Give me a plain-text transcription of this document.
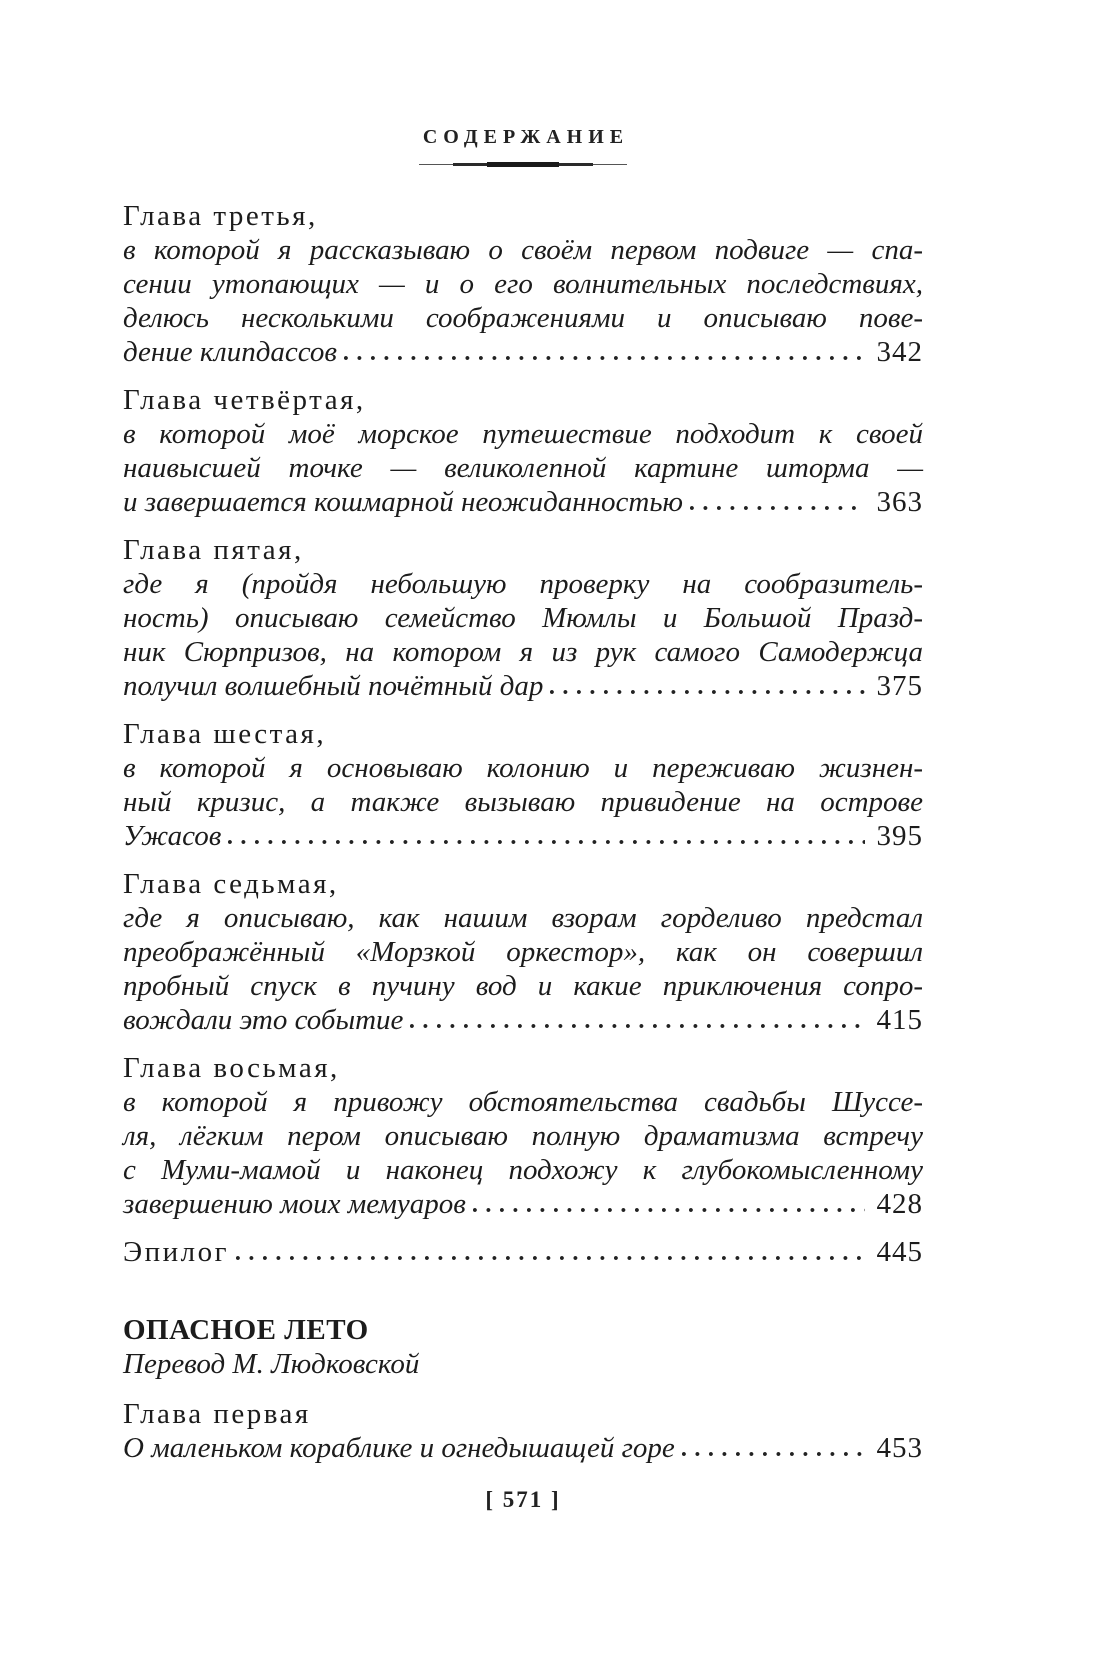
СОДЕРЖАНИЕ
Глава третья,
в которой я рассказываю о своём первом подвиге — спа-
сении утопающих — и о его волнительных последствиях,
делюсь несколькими соображениями и описываю пове-
дение клипдассов	342
Глава четвёртая,
в которой моё морское путешествие подходит к своей
наивысшей точке — великолепной картине шторма —
и завершается кошмарной неожиданностью	363
Глава пятая,
где я (пройдя небольшую проверку на сообразитель-
ность) описываю семейство Мюмлы и Большой Празд-
ник Сюрпризов, на котором я из рук самого Самодержца
получил волшебный почётный дар	375
Глава шестая,
в которой я основываю колонию и переживаю жизнен-
ный кризис, а также вызываю привидение на острове
Ужасов	395
Глава седьмая,
где я описываю, как нашим взорам горделиво предстал
преображённый «Морзкой оркестор», как он совершил
пробный спуск в пучину вод и какие приключения сопро-
вождали это событие	415
Глава восьмая,
в которой я привожу обстоятельства свадьбы Шуссе-
ля, лёгким пером описываю полную драматизма встречу
с Муми-мамой и наконец подхожу к глубокомысленному
завершению моих мемуаров	428
Эпилог	445
ОПАСНОЕ ЛЕТО
Перевод М. Людковской
Глава первая
О маленьком кораблике и огнедышащей горе	453
[ 571 ]
